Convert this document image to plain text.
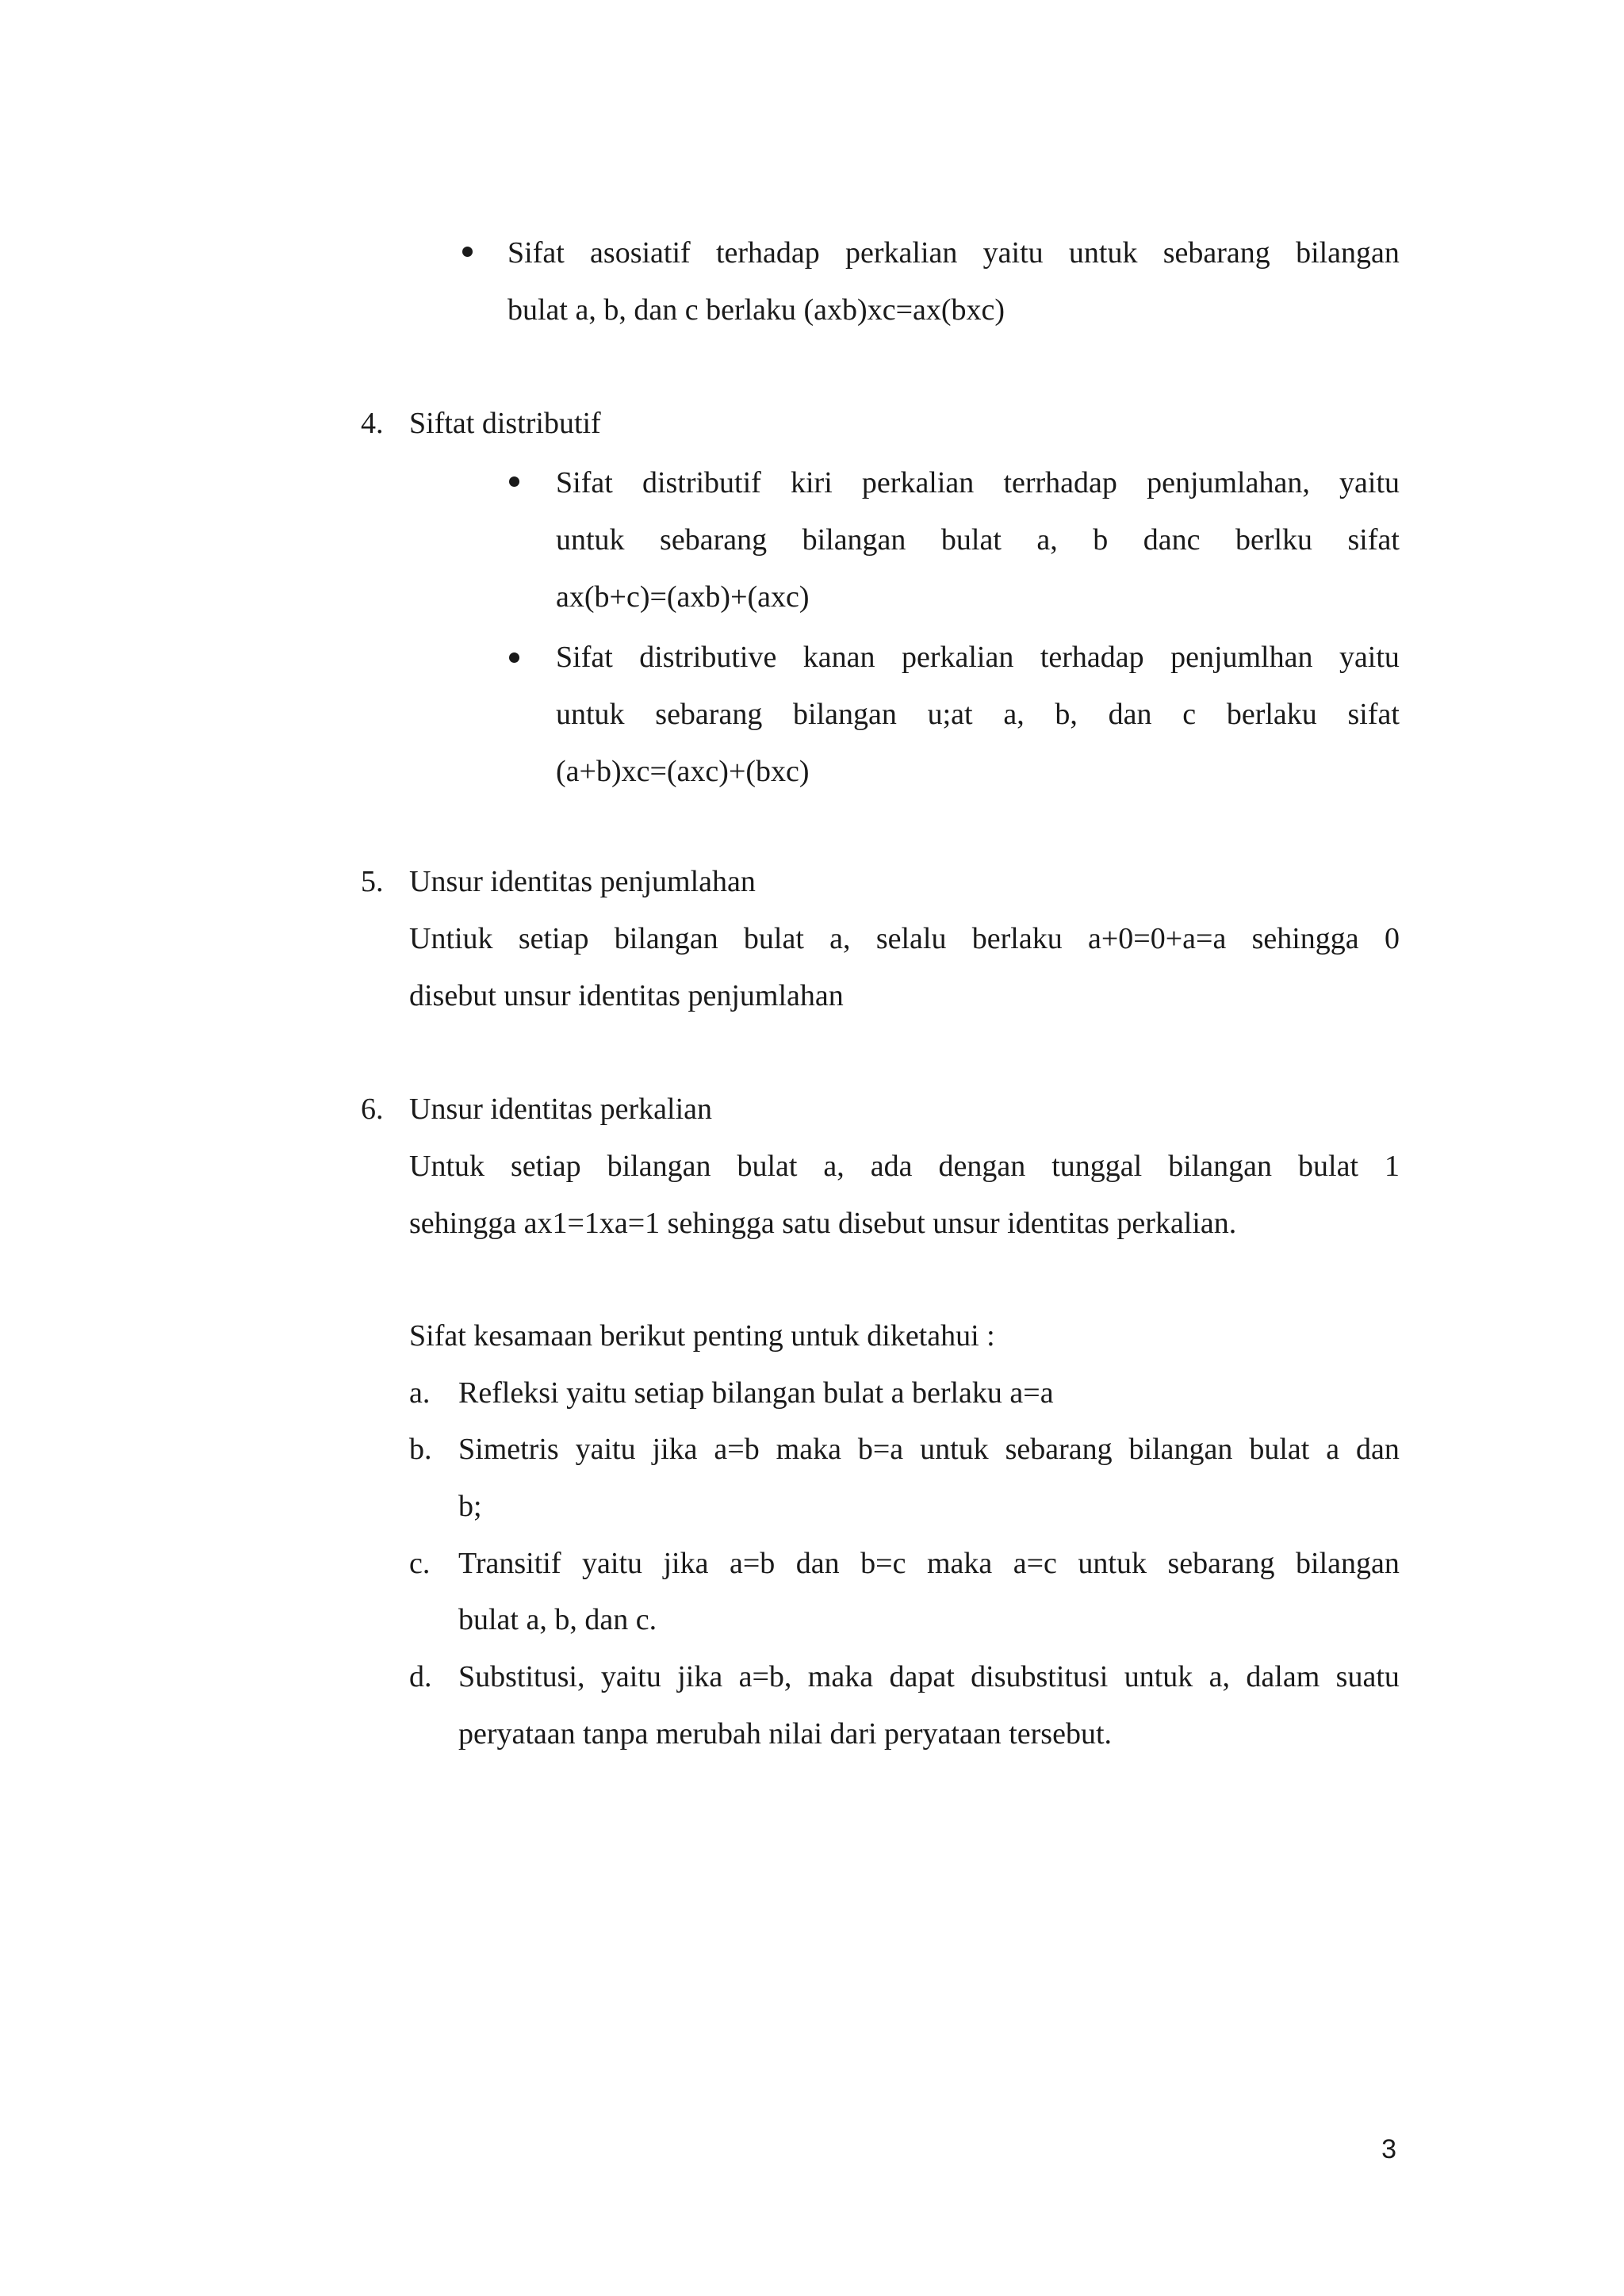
Sifat asosiatif terhadap perkalian yaitu untuk sebarang bilangan
bulat a, b, dan c berlaku (axb)xc=ax(bxc)
4. Siftat distributif
Sifat distributif kiri perkalian terrhadap penjumlahan, yaitu
untuk sebarang bilangan bulat a, b danc berlku sifat
ax(b+c)=(axb)+(axc)
Sifat distributive kanan perkalian terhadap penjumlhan yaitu
untuk sebarang bilangan u;at a, b, dan c berlaku sifat
(a+b)xc=(axc)+(bxc)
5. Unsur identitas penjumlahan
Untiuk setiap bilangan bulat a, selalu berlaku a+0=0+a=a sehingga 0
disebut unsur identitas penjumlahan
6. Unsur identitas perkalian
Untuk setiap bilangan bulat a, ada dengan tunggal bilangan bulat 1
sehingga ax1=1xa=1 sehingga satu disebut unsur identitas perkalian.
Sifat kesamaan berikut penting untuk diketahui :
a. Refleksi yaitu setiap bilangan bulat a berlaku a=a
b. Simetris yaitu jika a=b maka b=a untuk sebarang bilangan bulat a dan
b;
c. Transitif yaitu jika a=b dan b=c maka a=c untuk sebarang bilangan
bulat a, b, dan c.
d. Substitusi, yaitu jika a=b, maka dapat disubstitusi untuk a, dalam suatu
peryataan tanpa merubah nilai dari peryataan tersebut.
3
